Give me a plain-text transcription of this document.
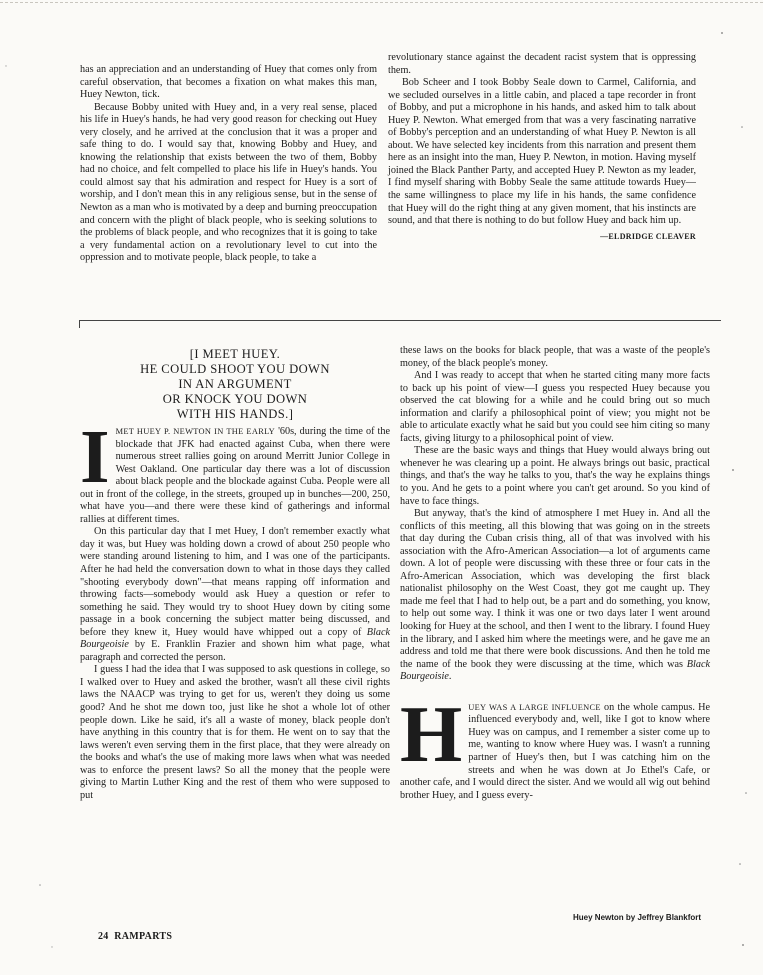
has an appreciation and an understanding of Huey that comes only from careful observation, that becomes a fixation on what makes this man, Huey Newton, tick.

Because Bobby united with Huey and, in a very real sense, placed his life in Huey's hands, he had very good reason for checking out Huey very closely, and he arrived at the conclusion that it was a proper and safe thing to do. I would say that, knowing Bobby and Huey, and knowing the relationship that exists between the two of them, Bobby had no choice, and felt compelled to place his life in Huey's hands. You could almost say that his admiration and respect for Huey is a sort of worship, and I don't mean this in any religious sense, but in the sense of Newton as a man who is motivated by a deep and burning preoccupation and concern with the plight of black people, who is seeking solutions to the problems of black people, and who recognizes that it is going to take a very fundamental action on a revolutionary level to cut into the oppression and to motivate people, black people, to take a

revolutionary stance against the decadent racist system that is oppressing them.

Bob Scheer and I took Bobby Seale down to Carmel, California, and we secluded ourselves in a little cabin, and placed a tape recorder in front of Bobby, and put a microphone in his hands, and asked him to talk about Huey P. Newton. What emerged from that was a very fascinating narrative of Bobby's perception and an understanding of what Huey P. Newton is all about. We have selected key incidents from this narration and present them here as an insight into the man, Huey P. Newton, in motion. Having myself joined the Black Panther Party, and accepted Huey P. Newton as my leader, I find myself sharing with Bobby Seale the same attitude towards Huey—the same willingness to place my life in his hands, the same confidence that Huey will do the right thing at any given moment, that his instincts are sound, and that there is nothing to do but follow Huey and back him up.

—ELDRIDGE CLEAVER
[I MEET HUEY.
HE COULD SHOOT YOU DOWN
IN AN ARGUMENT
OR KNOCK YOU DOWN
WITH HIS HANDS.]

IMET HUEY P. NEWTON IN THE EARLY '60s, during the time of the blockade that JFK had enacted against Cuba, when there were numerous street rallies going on around Merritt Junior College in West Oakland. One particular day there was a lot of discussion about black people and the blockade against Cuba. People were all out in front of the college, in the streets, grouped up in bunches—200, 250, what have you—and there were these kind of gatherings and informal rallies at different times.

On this particular day that I met Huey, I don't remember exactly what day it was, but Huey was holding down a crowd of about 250 people who were standing around listening to him, and I was one of the participants. After he had held the conversation down to what in those days they called "shooting everybody down"—that means rapping off information and throwing facts—somebody would ask Huey a question or refer to something he said. They would try to shoot Huey down by citing some passage in a book concerning the subject matter being discussed, and before they knew it, Huey would have whipped out a copy of Black Bourgeoisie by E. Franklin Frazier and shown him what page, what paragraph and corrected the person.

I guess I had the idea that I was supposed to ask questions in college, so I walked over to Huey and asked the brother, wasn't all these civil rights laws the NAACP was trying to get for us, weren't they doing us some good? And he shot me down too, just like he shot a whole lot of other people down. Like he said, it's all a waste of money, black people don't have anything in this country that is for them. He went on to say that the laws weren't even serving them in the first place, that they were already on the books and what's the use of making more laws when what was needed was to enforce the present laws? So all the money that the people were giving to Martin Luther King and the rest of them who were supposed to put

these laws on the books for black people, that was a waste of the people's money, of the black people's money.

And I was ready to accept that when he started citing many more facts to back up his point of view—I guess you respected Huey because you observed the cat blowing for a while and he could bring out so much information and clarify a philosophical point of view; you might not be able to articulate exactly what he said but you could see him citing so many facts, giving liturgy to a philosophical point of view.

These are the basic ways and things that Huey would always bring out whenever he was clearing up a point. He always brings out basic, practical things, and that's the way he talks to you, that's the way he explains things to you. And he gets to a point where you can't get around. So you kind of have to face things.

But anyway, that's the kind of atmosphere I met Huey in. And all the conflicts of this meeting, all this blowing that was going on in the streets that day during the Cuban crisis thing, all of that was involved with his association with the Afro-American Association—a lot of arguments came down. A lot of people were discussing with these three or four cats in the Afro-American Association, which was developing the first black nationalist philosophy on the West Coast, they got me caught up. They made me feel that I had to help out, be a part and do something, you know, to help out some way. I think it was one or two days later I went around looking for Huey at the school, and then I went to the library. I found Huey in the library, and I asked him where the meetings were, and he gave me an address and told me that there were book discussions. And then he told me the name of the book they were discussing at the time, which was Black Bourgeoisie.

HUEY WAS A LARGE INFLUENCE on the whole campus. He influenced everybody and, well, like I got to know where Huey was on campus, and I remember a sister come up to me, wanting to know where Huey was. I wasn't a running partner of Huey's then, but I was catching him on the streets and when he was down at Jo Ethel's Cafe, or another cafe, and I would direct the sister. And we would all wig out behind brother Huey, and I guess every-

24 RAMPARTS
Huey Newton by Jeffrey Blankfort
